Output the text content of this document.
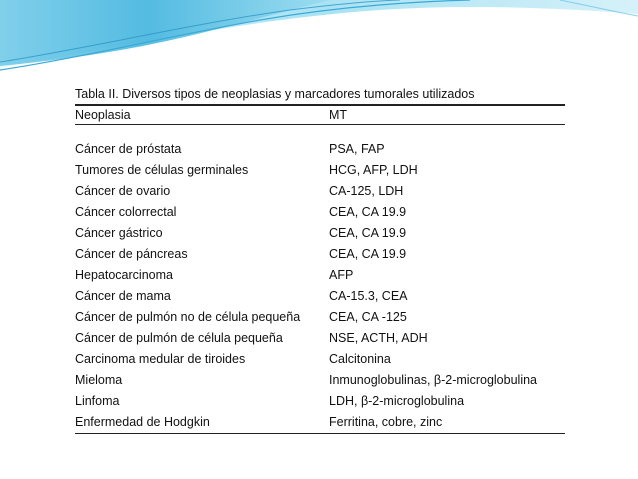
Tabla II. Diversos tipos de neoplasias y marcadores tumorales utilizados
Neoplasia	MT
Cáncer de próstata	PSA, FAP
Tumores de células germinales	HCG, AFP, LDH
Cáncer de ovario	CA-125, LDH
Cáncer colorrectal	CEA, CA 19.9
Cáncer gástrico	CEA, CA 19.9
Cáncer de páncreas	CEA, CA 19.9
Hepatocarcinoma	AFP
Cáncer de mama	CA-15.3, CEA
Cáncer de pulmón no de célula pequeña	CEA, CA -125
Cáncer de pulmón de célula pequeña	NSE, ACTH, ADH
Carcinoma medular de tiroides	Calcitonina
Mieloma	Inmunoglobulinas, β-2-microglobulina
Linfoma	LDH, β-2-microglobulina
Enfermedad de Hodgkin	Ferritina, cobre, zinc
